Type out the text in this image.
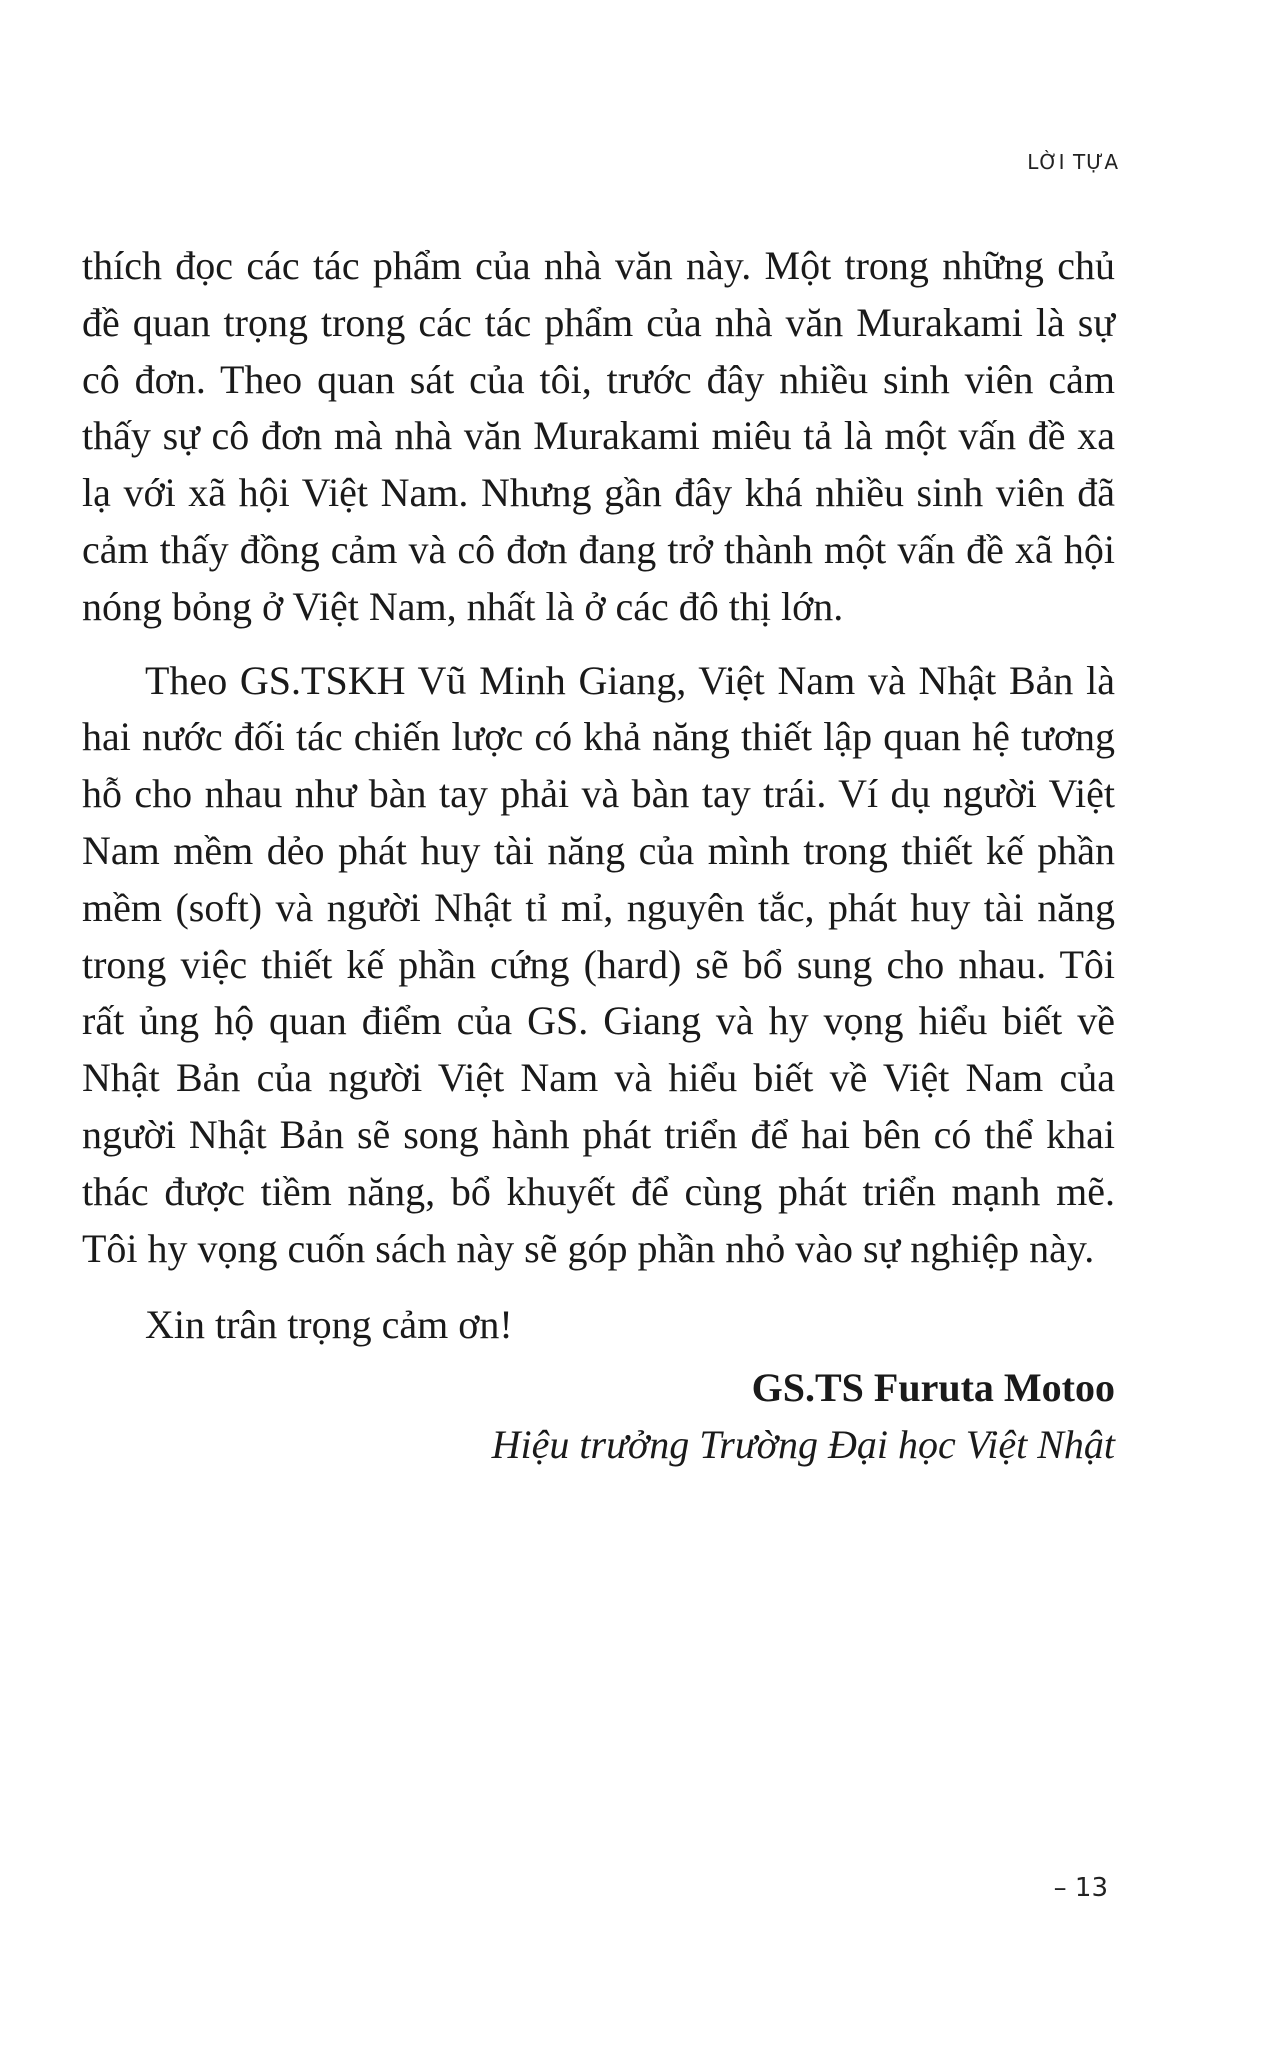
LỜI TỰA

thích đọc các tác phẩm của nhà văn này. Một trong những chủ đề quan trọng trong các tác phẩm của nhà văn Murakami là sự cô đơn. Theo quan sát của tôi, trước đây nhiều sinh viên cảm thấy sự cô đơn mà nhà văn Murakami miêu tả là một vấn đề xa lạ với xã hội Việt Nam. Nhưng gần đây khá nhiều sinh viên đã cảm thấy đồng cảm và cô đơn đang trở thành một vấn đề xã hội nóng bỏng ở Việt Nam, nhất là ở các đô thị lớn.

Theo GS.TSKH Vũ Minh Giang, Việt Nam và Nhật Bản là hai nước đối tác chiến lược có khả năng thiết lập quan hệ tương hỗ cho nhau như bàn tay phải và bàn tay trái. Ví dụ người Việt Nam mềm dẻo phát huy tài năng của mình trong thiết kế phần mềm (soft) và người Nhật tỉ mỉ, nguyên tắc, phát huy tài năng trong việc thiết kế phần cứng (hard) sẽ bổ sung cho nhau. Tôi rất ủng hộ quan điểm của GS. Giang và hy vọng hiểu biết về Nhật Bản của người Việt Nam và hiểu biết về Việt Nam của người Nhật Bản sẽ song hành phát triển để hai bên có thể khai thác được tiềm năng, bổ khuyết để cùng phát triển mạnh mẽ. Tôi hy vọng cuốn sách này sẽ góp phần nhỏ vào sự nghiệp này.

Xin trân trọng cảm ơn!

GS.TS Furuta Motoo

Hiệu trưởng Trường Đại học Việt Nhật

– 13
